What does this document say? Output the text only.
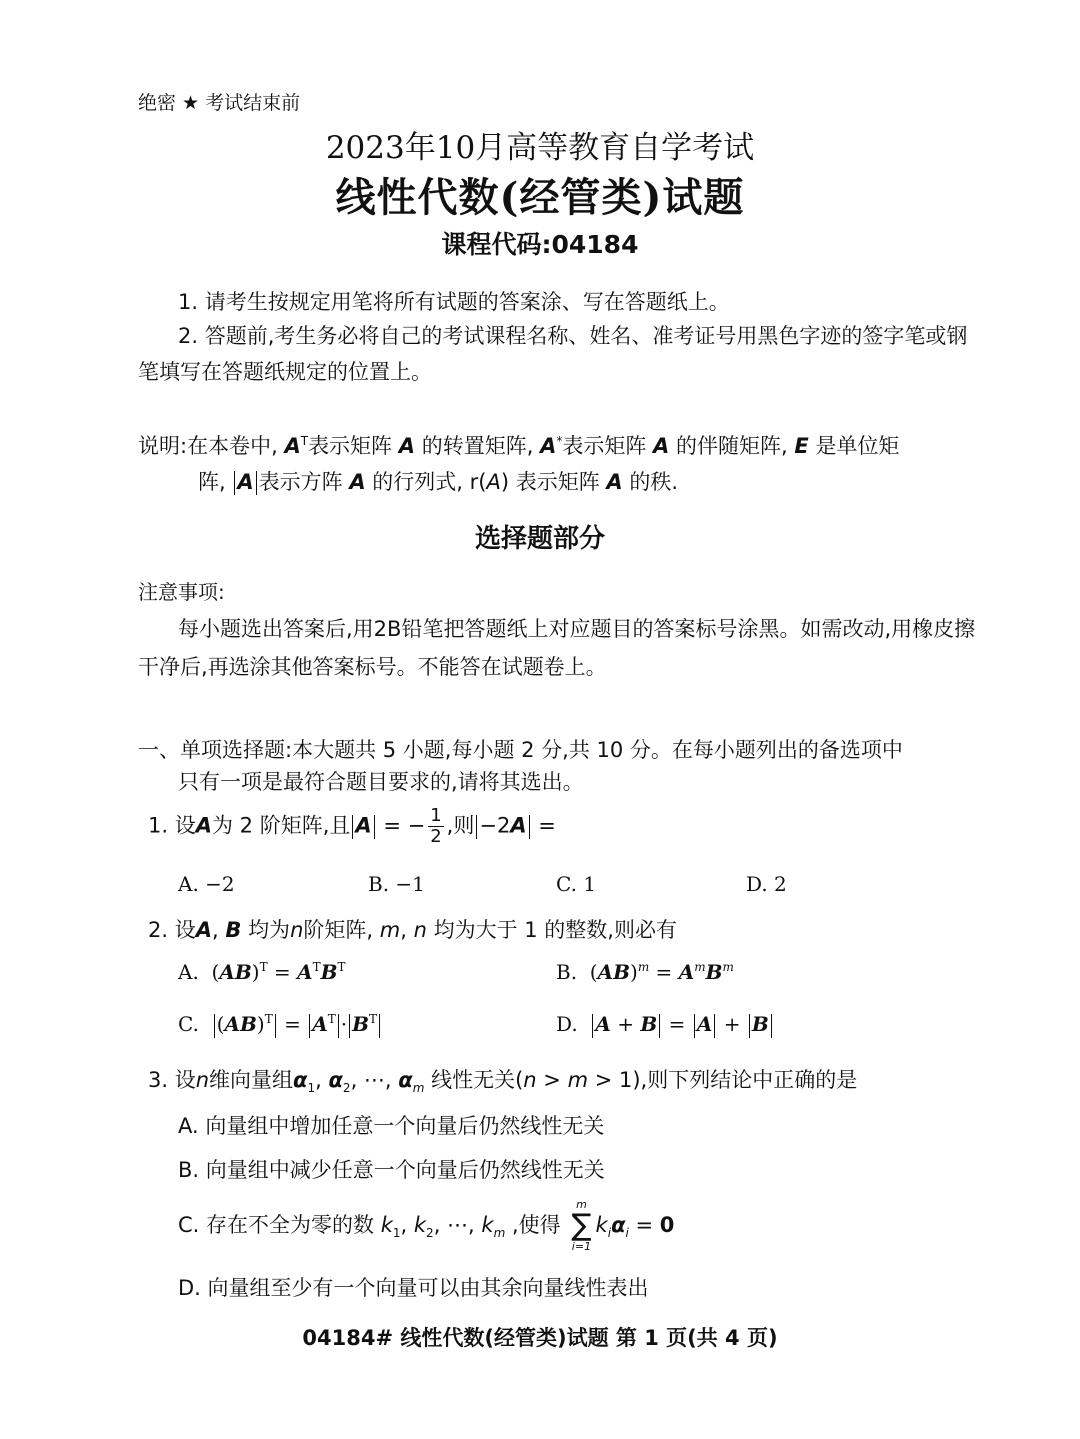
绝密 ★ 考试结束前
2023年10月高等教育自学考试
线性代数(经管类)试题
课程代码:04184
1. 请考生按规定用笔将所有试题的答案涂、写在答题纸上。
2. 答题前,考生务必将自己的考试课程名称、姓名、准考证号用黑色字迹的签字笔或钢笔填写在答题纸规定的位置上。
说明:在本卷中, $A^T$表示矩阵 A 的转置矩阵, A*表示矩阵 A 的伴随矩阵, E 是单位矩
阵, A 表示方阵 A 的行列式, r(A) 表示矩阵 A 的秩.
选择题部分
注意事项:
每小题选出答案后,用2B铅笔把答题纸上对应题目的答案标号涂黑。如需改动,用橡皮擦干净后,再选涂其他答案标号。不能答在试题卷上。
一、单项选择题:本大题共 5 小题,每小题 2 分,共 10 分。在每小题列出的备选项中
只有一项是最符合题目要求的,请将其选出。
1. 设A为 2 阶矩阵,且 A = − $\frac{1}{2}$ ,则 −2A =
A. −2	B. −1	C. 1	D. 2
2. 设A, B 均为n阶矩阵, m, n 均为大于 1 的整数,则必有
A.  $(AB)^T = A^TB^T$	B.  $(AB)^m = A^mB^m$
C.  $(AB)^T = A^T \cdot B^T$	D.  A + B = A + B
3. 设n维向量组$\alpha_1$, $\alpha_2$, ⋯, $\alpha_m$ 线性无关(n > m > 1),则下列结论中正确的是
A. 向量组中增加任意一个向量后仍然线性无关
B. 向量组中减少任意一个向量后仍然线性无关
C. 存在不全为零的数 $k_1$, $k_2$, ⋯, $k_m$ ,使得
m
∑
i=1
$k_i\alpha_i = 0$
D. 向量组至少有一个向量可以由其余向量线性表出
04184# 线性代数(经管类)试题 第 1 页(共 4 页)
